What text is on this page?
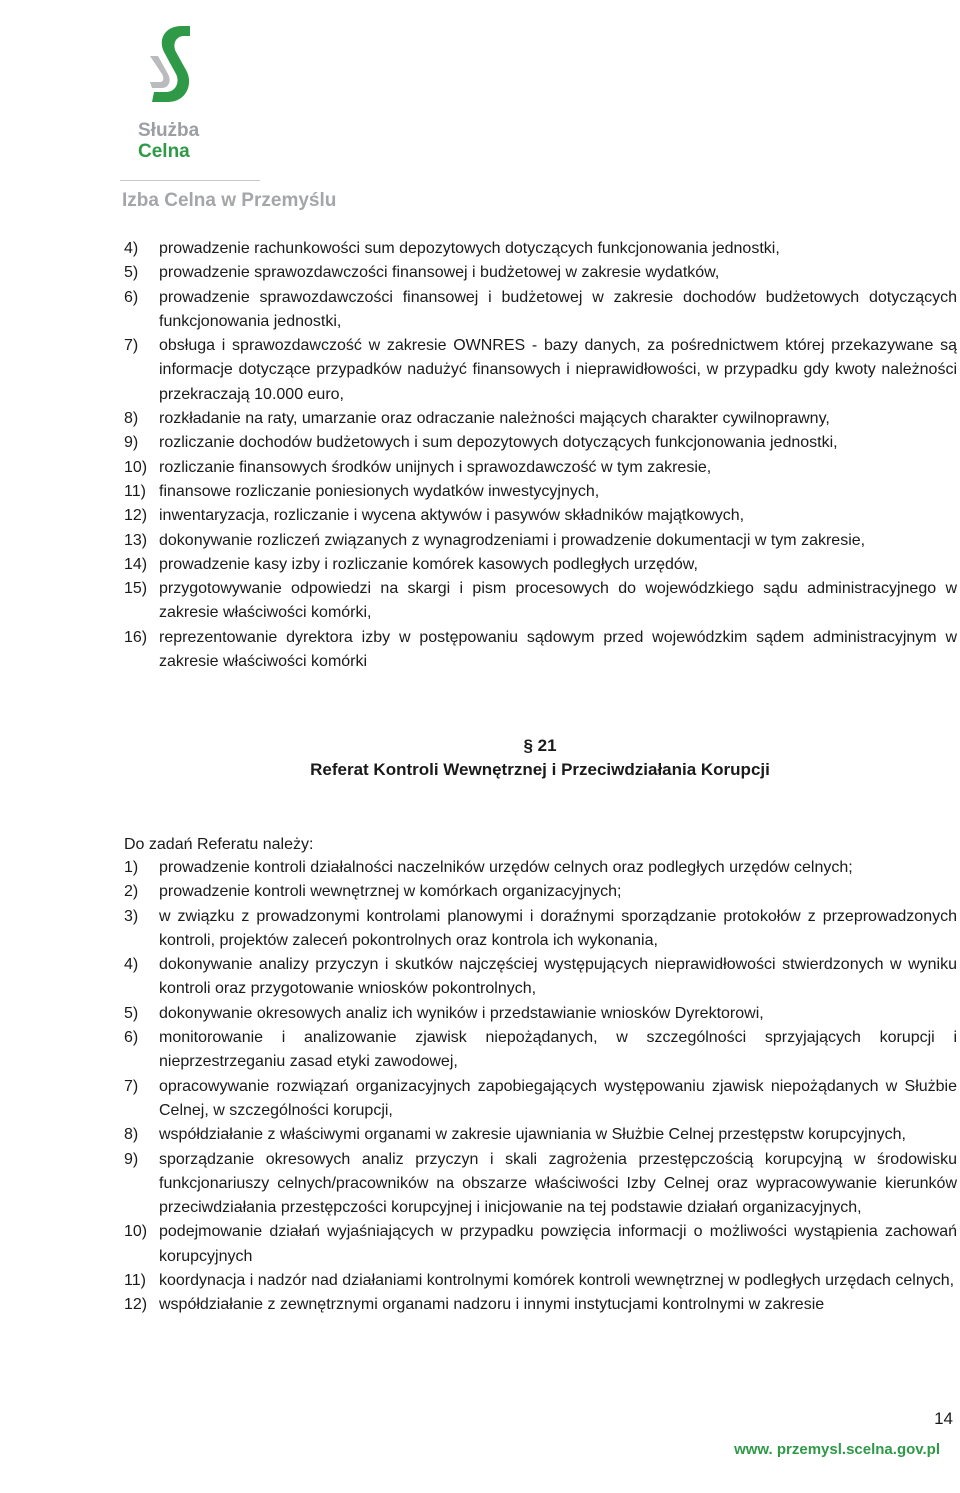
Służba
Celna
Izba Celna w Przemyślu
4) prowadzenie rachunkowości sum depozytowych dotyczących funkcjonowania jednostki,
5) prowadzenie sprawozdawczości finansowej i budżetowej w zakresie wydatków,
6) prowadzenie sprawozdawczości finansowej i budżetowej w zakresie dochodów budżetowych dotyczących funkcjonowania jednostki,
7) obsługa i sprawozdawczość w zakresie OWNRES - bazy danych, za pośrednictwem której przekazywane są informacje dotyczące przypadków nadużyć finansowych i nieprawidłowości, w przypadku gdy kwoty należności przekraczają 10.000 euro,
8) rozkładanie na raty, umarzanie oraz odraczanie należności mających charakter cywilnoprawny,
9) rozliczanie dochodów budżetowych i sum depozytowych dotyczących funkcjonowania jednostki,
10) rozliczanie finansowych środków unijnych i sprawozdawczość w tym zakresie,
11) finansowe rozliczanie poniesionych wydatków inwestycyjnych,
12) inwentaryzacja, rozliczanie i wycena aktywów i pasywów składników majątkowych,
13) dokonywanie rozliczeń związanych z wynagrodzeniami i prowadzenie dokumentacji w tym zakresie,
14) prowadzenie kasy izby i rozliczanie komórek kasowych podległych urzędów,
15) przygotowywanie odpowiedzi na skargi i pism procesowych do wojewódzkiego sądu administracyjnego w zakresie właściwości komórki,
16) reprezentowanie dyrektora izby w postępowaniu sądowym przed wojewódzkim sądem administracyjnym w zakresie właściwości komórki
§ 21
Referat Kontroli Wewnętrznej i Przeciwdziałania Korupcji
Do zadań Referatu należy:
1) prowadzenie kontroli działalności naczelników urzędów celnych oraz podległych urzędów celnych;
2) prowadzenie kontroli wewnętrznej w komórkach organizacyjnych;
3) w związku z prowadzonymi kontrolami planowymi i doraźnymi sporządzanie protokołów z przeprowadzonych kontroli, projektów zaleceń pokontrolnych oraz kontrola ich wykonania,
4) dokonywanie analizy przyczyn i skutków najczęściej występujących nieprawidłowości stwierdzonych w wyniku kontroli oraz przygotowanie wniosków pokontrolnych,
5) dokonywanie okresowych analiz ich wyników i przedstawianie wniosków Dyrektorowi,
6) monitorowanie i analizowanie zjawisk niepożądanych, w szczególności sprzyjających korupcji i nieprzestrzeganiu zasad etyki zawodowej,
7) opracowywanie rozwiązań organizacyjnych zapobiegających występowaniu zjawisk niepożądanych w Służbie Celnej, w szczególności korupcji,
8) współdziałanie z właściwymi organami w zakresie ujawniania w Służbie Celnej przestępstw korupcyjnych,
9) sporządzanie okresowych analiz przyczyn i skali zagrożenia przestępczością korupcyjną w środowisku funkcjonariuszy celnych/pracowników na obszarze właściwości Izby Celnej oraz wypracowywanie kierunków przeciwdziałania przestępczości korupcyjnej i inicjowanie na tej podstawie działań organizacyjnych,
10) podejmowanie działań wyjaśniających w przypadku powzięcia informacji o możliwości wystąpienia zachowań korupcyjnych
11) koordynacja i nadzór nad działaniami kontrolnymi komórek kontroli wewnętrznej w podległych urzędach celnych,
12) współdziałanie z zewnętrznymi organami nadzoru i innymi instytucjami kontrolnymi w zakresie
14
www. przemysl.scelna.gov.pl
